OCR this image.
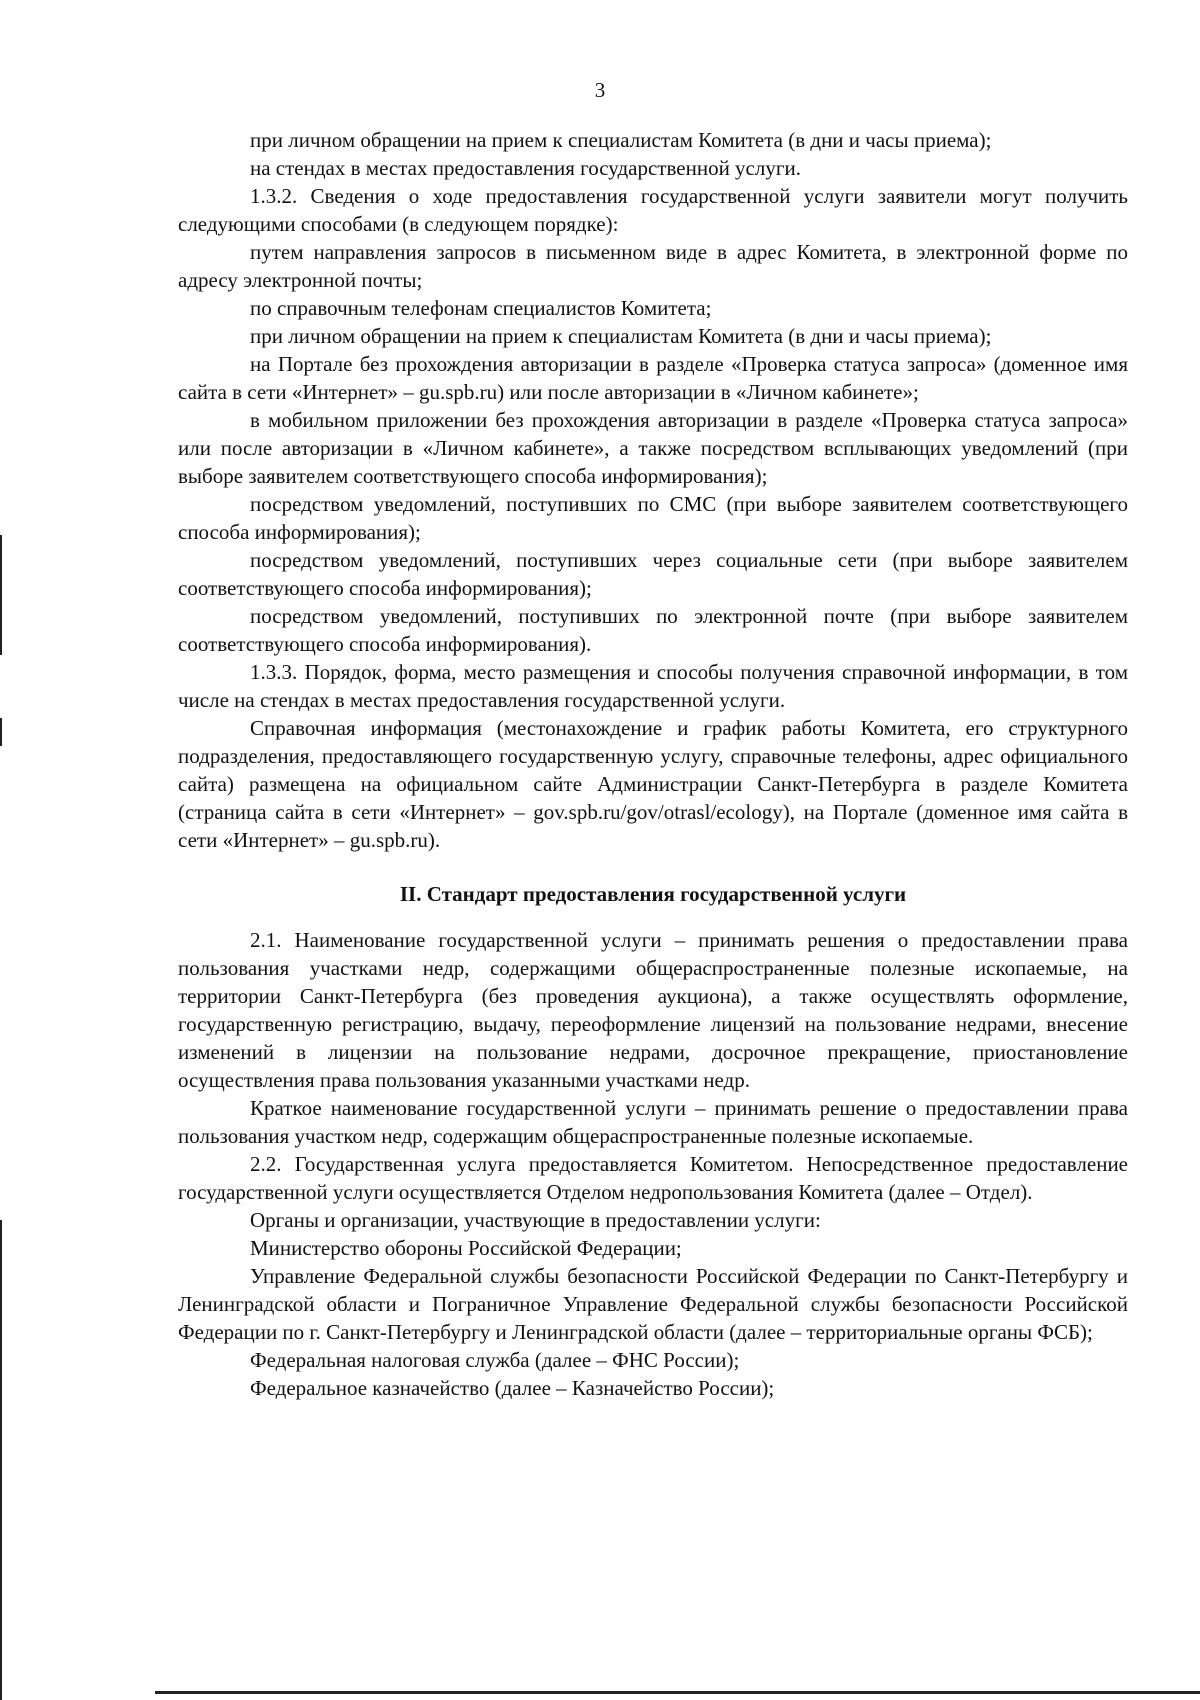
3

при личном обращении на прием к специалистам Комитета (в дни и часы приема);

на стендах в местах предоставления государственной услуги.

1.3.2. Сведения о ходе предоставления государственной услуги заявители могут получить следующими способами (в следующем порядке):

путем направления запросов в письменном виде в адрес Комитета, в электронной форме по адресу электронной почты;

по справочным телефонам специалистов Комитета;

при личном обращении на прием к специалистам Комитета (в дни и часы приема);

на Портале без прохождения авторизации в разделе «Проверка статуса запроса» (доменное имя сайта в сети «Интернет» – gu.spb.ru) или после авторизации в «Личном кабинете»;

в мобильном приложении без прохождения авторизации в разделе «Проверка статуса запроса» или после авторизации в «Личном кабинете», а также посредством всплывающих уведомлений (при выборе заявителем соответствующего способа информирования);

посредством уведомлений, поступивших по СМС (при выборе заявителем соответствующего способа информирования);

посредством уведомлений, поступивших через социальные сети (при выборе заявителем соответствующего способа информирования);

посредством уведомлений, поступивших по электронной почте (при выборе заявителем соответствующего способа информирования).

1.3.3. Порядок, форма, место размещения и способы получения справочной информации, в том числе на стендах в местах предоставления государственной услуги.

Справочная информация (местонахождение и график работы Комитета, его структурного подразделения, предоставляющего государственную услугу, справочные телефоны, адрес официального сайта) размещена на официальном сайте Администрации Санкт-Петербурга в разделе Комитета (страница сайта в сети «Интернет» – gov.spb.ru/gov/otrasl/ecology), на Портале (доменное имя сайта в сети «Интернет» – gu.spb.ru).

II. Стандарт предоставления государственной услуги

2.1. Наименование государственной услуги – принимать решения о предоставлении права пользования участками недр, содержащими общераспространенные полезные ископаемые, на территории Санкт-Петербурга (без проведения аукциона), а также осуществлять оформление, государственную регистрацию, выдачу, переоформление лицензий на пользование недрами, внесение изменений в лицензии на пользование недрами, досрочное прекращение, приостановление осуществления права пользования указанными участками недр.

Краткое наименование государственной услуги – принимать решение о предоставлении права пользования участком недр, содержащим общераспространенные полезные ископаемые.

2.2. Государственная услуга предоставляется Комитетом. Непосредственное предоставление государственной услуги осуществляется Отделом недропользования Комитета (далее – Отдел).

Органы и организации, участвующие в предоставлении услуги:

Министерство обороны Российской Федерации;

Управление Федеральной службы безопасности Российской Федерации по Санкт-Петербургу и Ленинградской области и Пограничное Управление Федеральной службы безопасности Российской Федерации по г. Санкт-Петербургу и Ленинградской области (далее – территориальные органы ФСБ);

Федеральная налоговая служба (далее – ФНС России);

Федеральное казначейство (далее – Казначейство России);
